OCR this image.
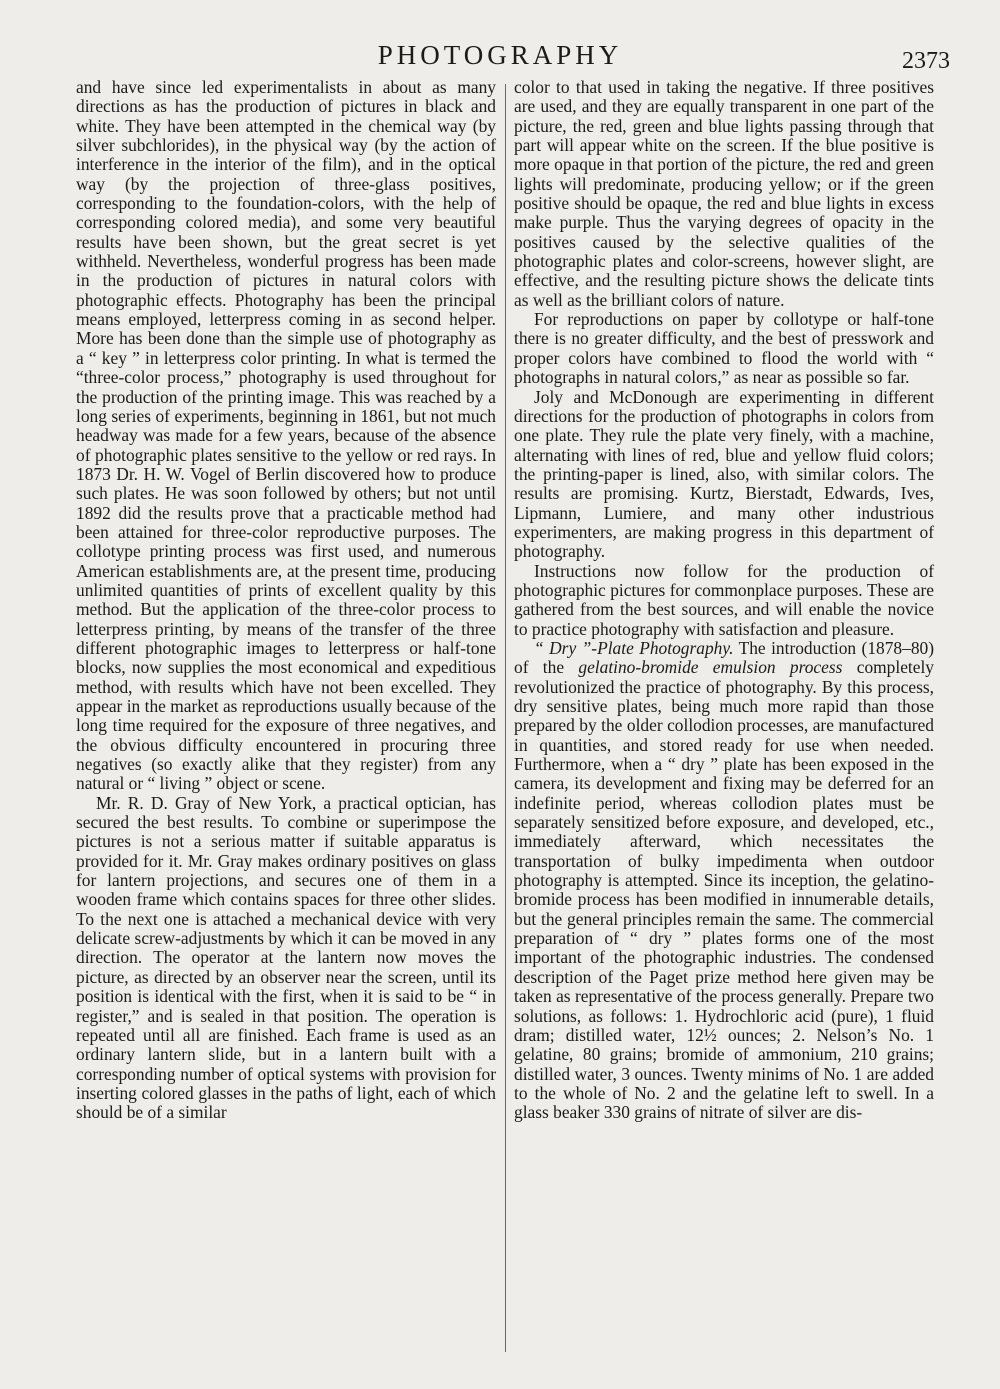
PHOTOGRAPHY	2373

and have since led experimentalists in about as many directions as has the production of pictures in black and white. They have been attempted in the chemical way (by silver subchlorides), in the physical way (by the action of interference in the interior of the film), and in the optical way (by the projection of three-glass positives, corresponding to the foundation-colors, with the help of corresponding colored media), and some very beautiful results have been shown, but the great secret is yet withheld. Nevertheless, wonderful progress has been made in the production of pictures in natural colors with photographic effects. Photography has been the principal means employed, letterpress coming in as second helper. More has been done than the simple use of photography as a “ key ” in letterpress color printing. In what is termed the “three-color process,” photography is used throughout for the production of the printing image. This was reached by a long series of experiments, beginning in 1861, but not much headway was made for a few years, because of the absence of photographic plates sensitive to the yellow or red rays. In 1873 Dr. H. W. Vogel of Berlin discovered how to produce such plates. He was soon followed by others; but not until 1892 did the results prove that a practicable method had been attained for three-color reproductive purposes. The collotype printing process was first used, and numerous American establishments are, at the present time, producing unlimited quantities of prints of excellent quality by this method. But the application of the three-color process to letterpress printing, by means of the transfer of the three different photographic images to letterpress or half-tone blocks, now supplies the most economical and expeditious method, with results which have not been excelled. They appear in the market as reproductions usually because of the long time required for the exposure of three negatives, and the obvious difficulty encountered in procuring three negatives (so exactly alike that they register) from any natural or “ living ” object or scene.

Mr. R. D. Gray of New York, a practical optician, has secured the best results. To combine or superimpose the pictures is not a serious matter if suitable apparatus is provided for it. Mr. Gray makes ordinary positives on glass for lantern projections, and secures one of them in a wooden frame which contains spaces for three other slides. To the next one is attached a mechanical device with very delicate screw-adjustments by which it can be moved in any direction. The operator at the lantern now moves the picture, as directed by an observer near the screen, until its position is identical with the first, when it is said to be “ in register,” and is sealed in that position. The operation is repeated until all are finished. Each frame is used as an ordinary lantern slide, but in a lantern built with a corresponding number of optical systems with provision for inserting colored glasses in the paths of light, each of which should be of a similar

color to that used in taking the negative. If three positives are used, and they are equally transparent in one part of the picture, the red, green and blue lights passing through that part will appear white on the screen. If the blue positive is more opaque in that portion of the picture, the red and green lights will predominate, producing yellow; or if the green positive should be opaque, the red and blue lights in excess make purple. Thus the varying degrees of opacity in the positives caused by the selective qualities of the photographic plates and color-screens, however slight, are effective, and the resulting picture shows the delicate tints as well as the brilliant colors of nature.

For reproductions on paper by collotype or half-tone there is no greater difficulty, and the best of presswork and proper colors have combined to flood the world with “ photographs in natural colors,” as near as possible so far.

Joly and McDonough are experimenting in different directions for the production of photographs in colors from one plate. They rule the plate very finely, with a machine, alternating with lines of red, blue and yellow fluid colors; the printing-paper is lined, also, with similar colors. The results are promising. Kurtz, Bierstadt, Edwards, Ives, Lipmann, Lumiere, and many other industrious experimenters, are making progress in this department of photography.

Instructions now follow for the production of photographic pictures for commonplace purposes. These are gathered from the best sources, and will enable the novice to practice photography with satisfaction and pleasure.

“ Dry ”-Plate Photography. The introduction (1878–80) of the gelatino-bromide emulsion process completely revolutionized the practice of photography. By this process, dry sensitive plates, being much more rapid than those prepared by the older collodion processes, are manufactured in quantities, and stored ready for use when needed. Furthermore, when a “ dry ” plate has been exposed in the camera, its development and fixing may be deferred for an indefinite period, whereas collodion plates must be separately sensitized before exposure, and developed, etc., immediately afterward, which necessitates the transportation of bulky impedimenta when outdoor photography is attempted. Since its inception, the gelatino-bromide process has been modified in innumerable details, but the general principles remain the same. The commercial preparation of “ dry ” plates forms one of the most important of the photographic industries. The condensed description of the Paget prize method here given may be taken as representative of the process generally. Prepare two solutions, as follows: 1. Hydrochloric acid (pure), 1 fluid dram; distilled water, 12½ ounces; 2. Nelson’s No. 1 gelatine, 80 grains; bromide of ammonium, 210 grains; distilled water, 3 ounces. Twenty minims of No. 1 are added to the whole of No. 2 and the gelatine left to swell. In a glass beaker 330 grains of nitrate of silver are dis-
